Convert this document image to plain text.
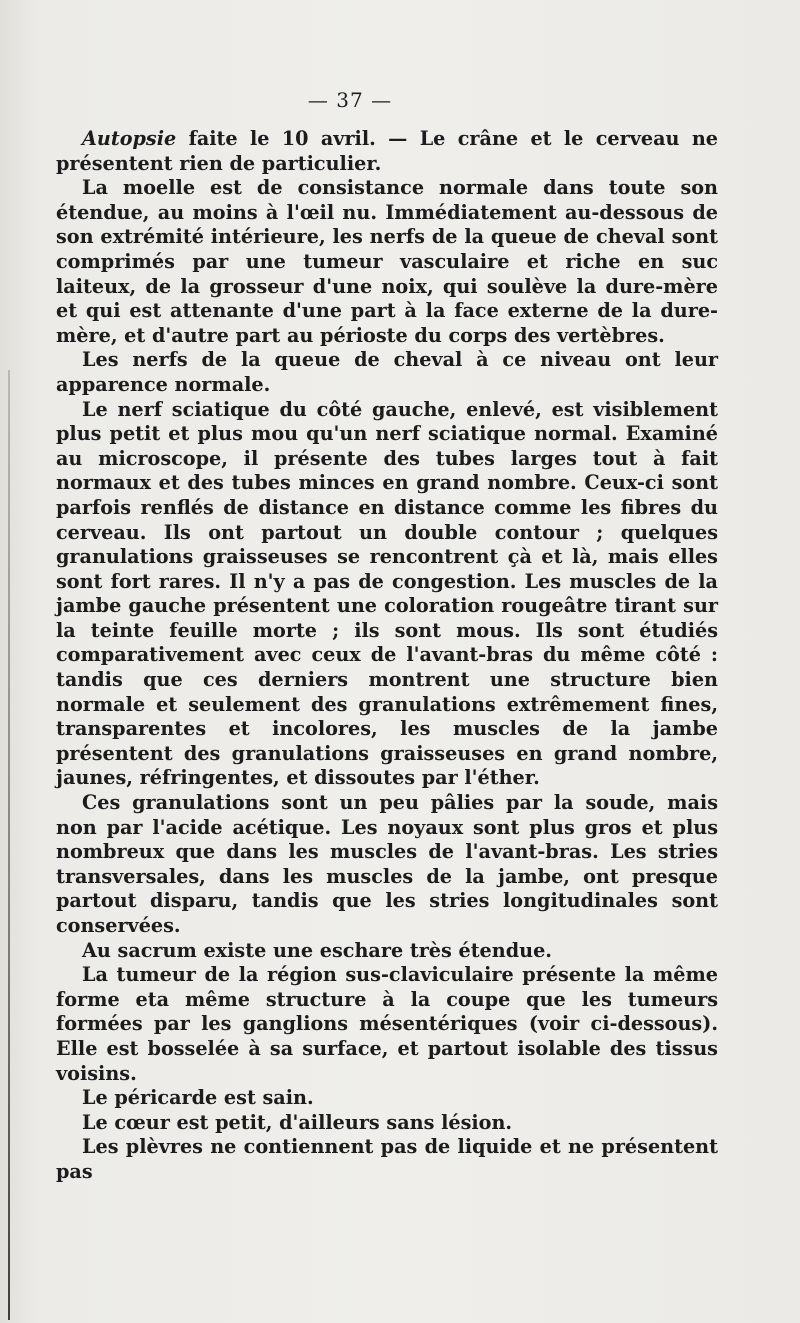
— 37 —

Autopsie faite le 10 avril. — Le crâne et le cerveau ne présentent rien de particulier.

La moelle est de consistance normale dans toute son étendue, au moins à l'œil nu. Immédiatement au-dessous de son extrémité intérieure, les nerfs de la queue de cheval sont comprimés par une tumeur vasculaire et riche en suc laiteux, de la grosseur d'une noix, qui soulève la dure-mère et qui est attenante d'une part à la face externe de la dure-mère, et d'autre part au périoste du corps des vertèbres.

Les nerfs de la queue de cheval à ce niveau ont leur apparence normale.

Le nerf sciatique du côté gauche, enlevé, est visiblement plus petit et plus mou qu'un nerf sciatique normal. Examiné au microscope, il présente des tubes larges tout à fait normaux et des tubes minces en grand nombre. Ceux-ci sont parfois renflés de distance en distance comme les fibres du cerveau. Ils ont partout un double contour ; quelques granulations graisseuses se rencontrent çà et là, mais elles sont fort rares. Il n'y a pas de congestion. Les muscles de la jambe gauche présentent une coloration rougeâtre tirant sur la teinte feuille morte ; ils sont mous. Ils sont étudiés comparativement avec ceux de l'avant-bras du même côté : tandis que ces derniers montrent une structure bien normale et seulement des granulations extrêmement fines, transparentes et incolores, les muscles de la jambe présentent des granulations graisseuses en grand nombre, jaunes, réfringentes, et dissoutes par l'éther.

Ces granulations sont un peu pâlies par la soude, mais non par l'acide acétique. Les noyaux sont plus gros et plus nombreux que dans les muscles de l'avant-bras. Les stries transversales, dans les muscles de la jambe, ont presque partout disparu, tandis que les stries longitudinales sont conservées.

Au sacrum existe une eschare très étendue.

La tumeur de la région sus-claviculaire présente la même forme eta même structure à la coupe que les tumeurs formées par les ganglions mésentériques (voir ci-dessous). Elle est bosselée à sa surface, et partout isolable des tissus voisins.

Le péricarde est sain.

Le cœur est petit, d'ailleurs sans lésion.

Les plèvres ne contiennent pas de liquide et ne présentent pas
